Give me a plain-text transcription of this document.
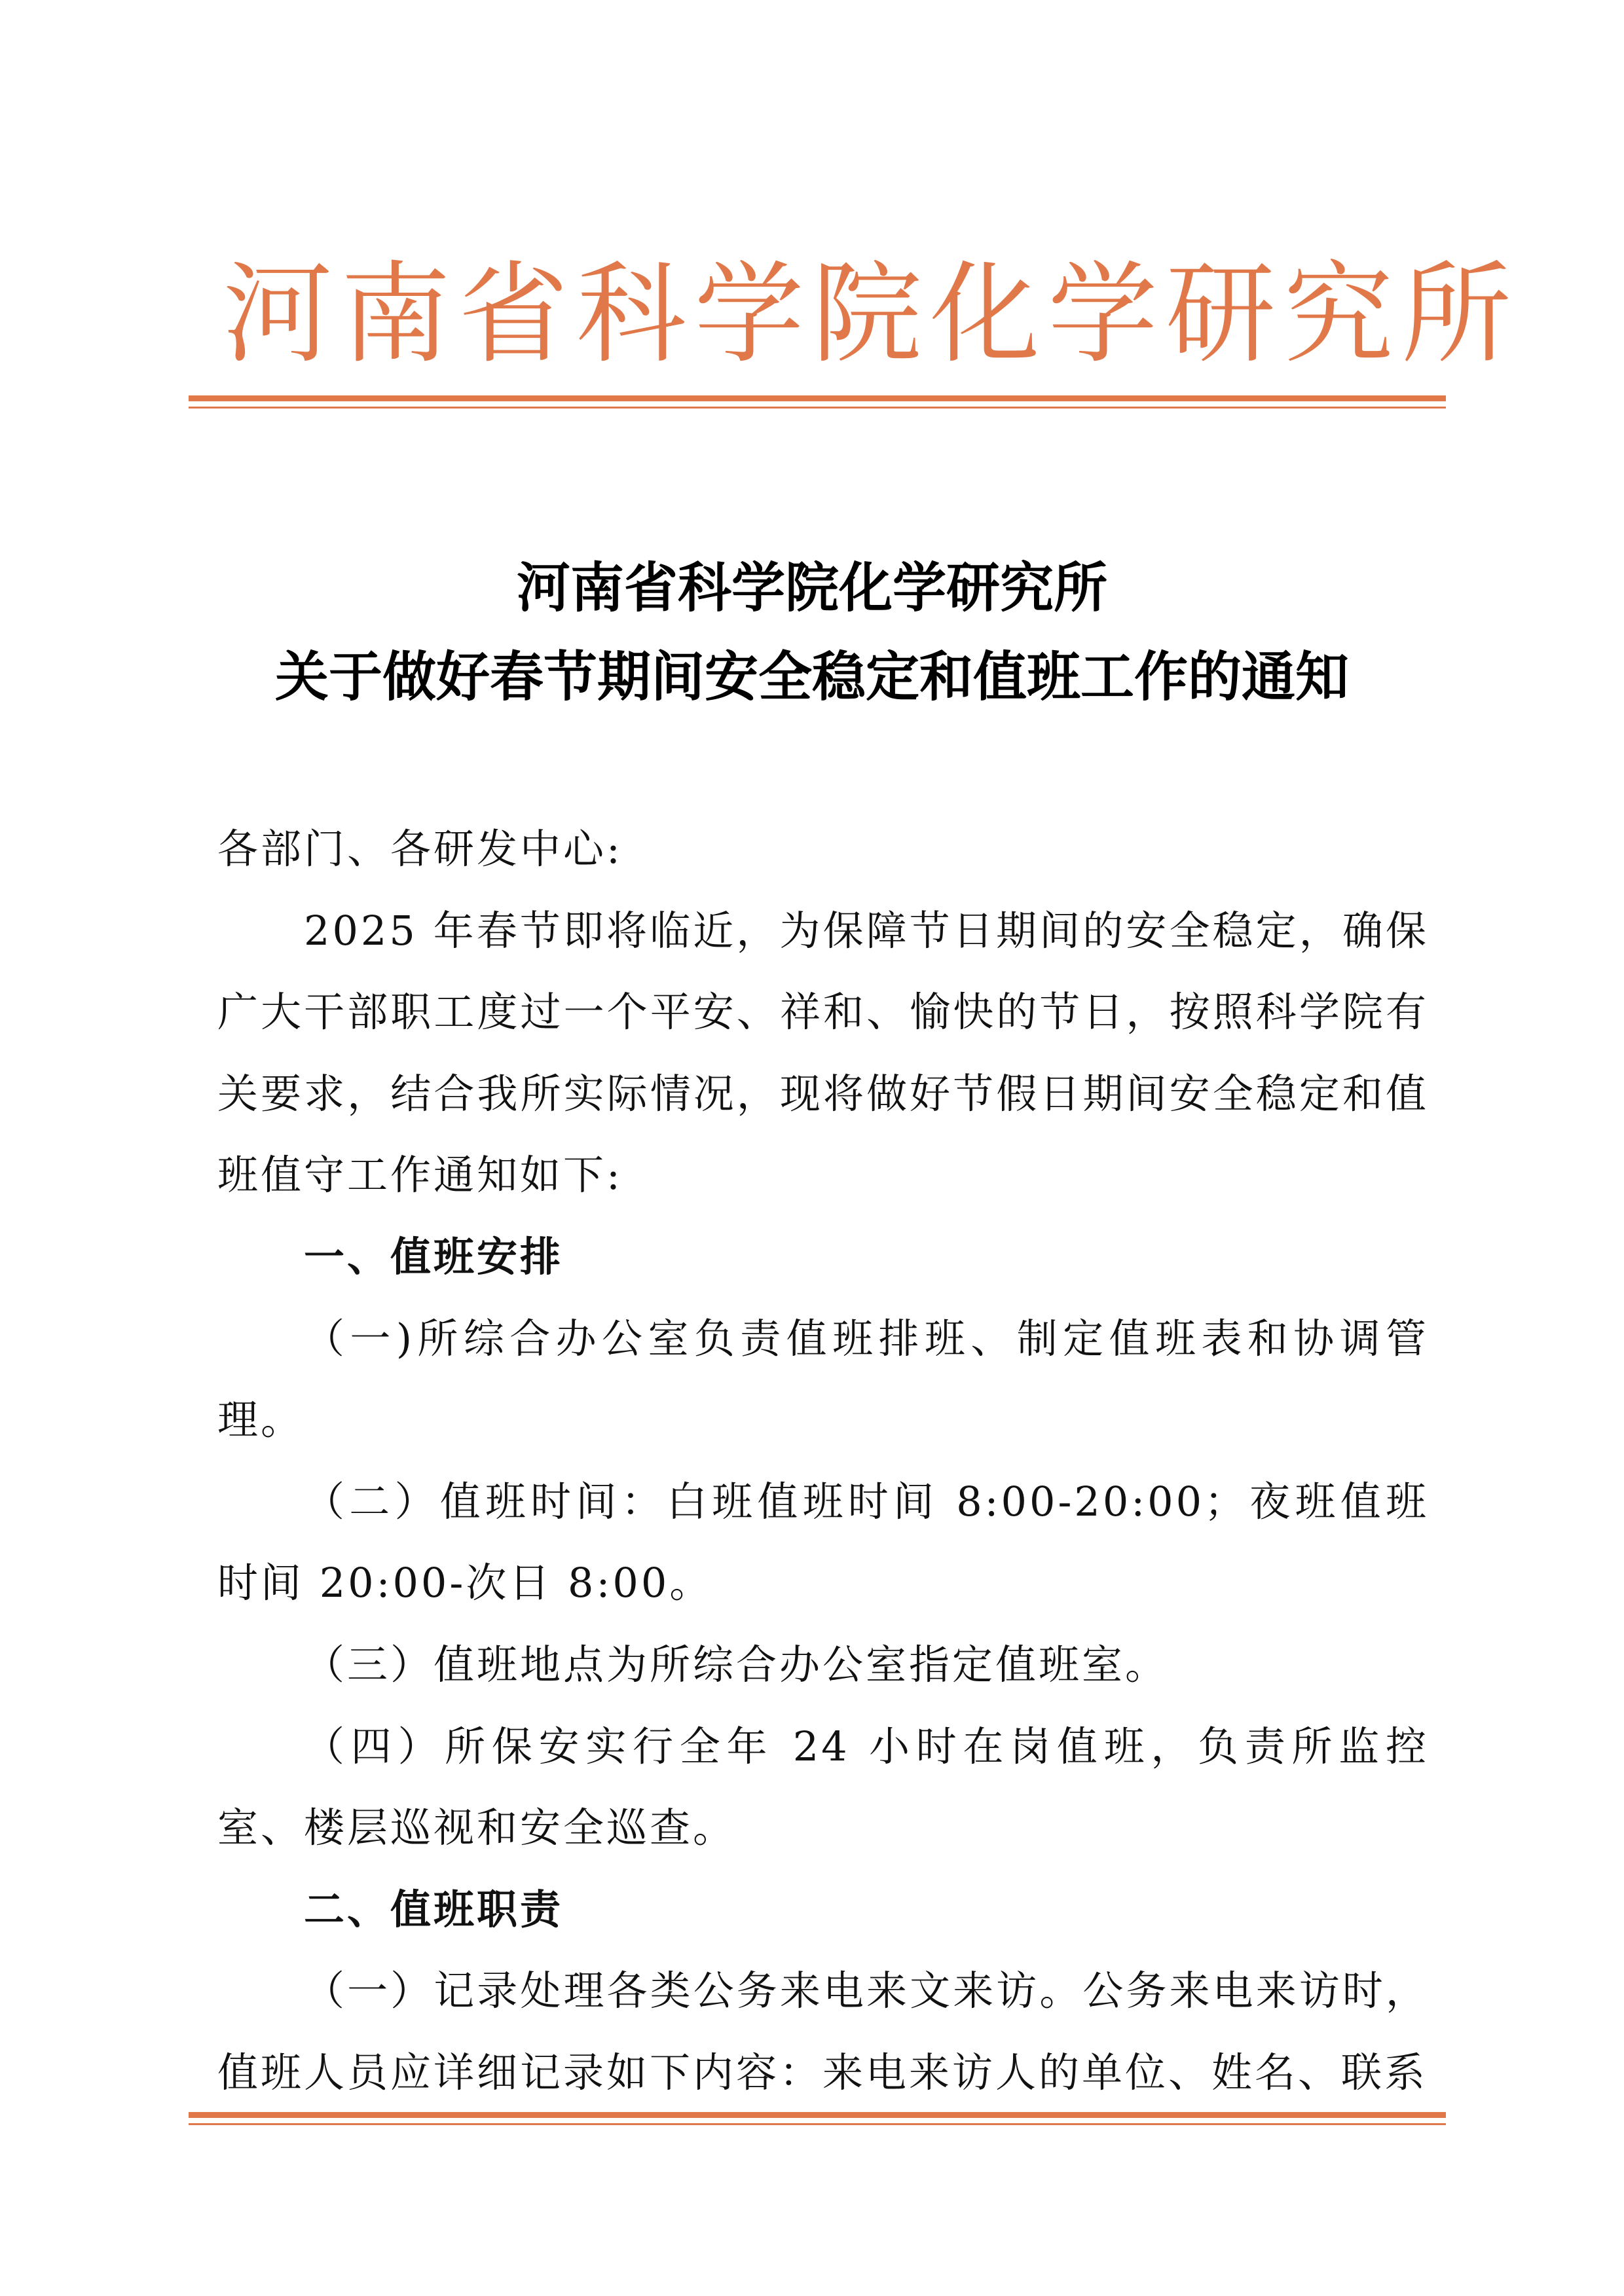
河南省科学院化学研究所
河南省科学院化学研究所
关于做好春节期间安全稳定和值班工作的通知

各部门、各研发中心:

2025 年春节即将临近，为保障节日期间的安全稳定，确保广大干部职工度过一个平安、祥和、愉快的节日，按照科学院有关要求，结合我所实际情况，现将做好节假日期间安全稳定和值班值守工作通知如下:

一、值班安排

（一)所综合办公室负责值班排班、制定值班表和协调管理。

（二）值班时间：白班值班时间 8:00-20:00；夜班值班时间 20:00-次日 8:00。

（三）值班地点为所综合办公室指定值班室。

（四）所保安实行全年 24 小时在岗值班，负责所监控室、楼层巡视和安全巡查。

二、值班职责

（一）记录处理各类公务来电来文来访。公务来电来访时，值班人员应详细记录如下内容：来电来访人的单位、姓名、联系
